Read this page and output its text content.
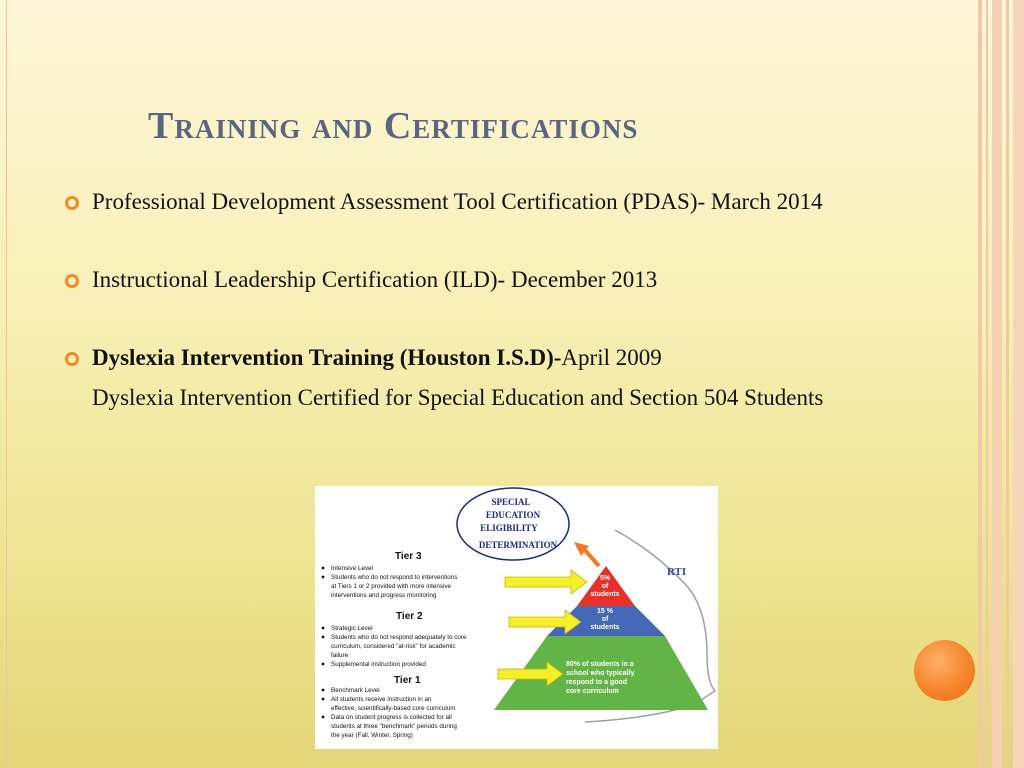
Training and Certifications
Professional Development Assessment Tool Certification (PDAS)- March 2014
Instructional Leadership Certification (ILD)- December 2013
Dyslexia Intervention Training (Houston I.S.D)-April 2009
Dyslexia Intervention Certified for Special Education and Section 504 Students
SPECIAL
EDUCATION
ELIGIBILITY
DETERMINATION
RTI
5%
of
students
15 %
of
students
80% of students in a
school who typically
respond to a good
core curriculum
Tier 3
Intensive Level
Students who do not respond to interventions
at Tiers 1 or 2 provided with more intensive
interventions and progress monitoring
Tier 2
Strategic Level
Students who do not respond adequately to core
curriculum, considered "at-risk" for academic
failure
Supplemental instruction provided
Tier 1
Benchmark Level
All students receive instruction in an
effective, scientifically-based core curriculum
Data on student progress is collected for all
students at three "benchmark" periods during
the year (Fall, Winter, Spring)
